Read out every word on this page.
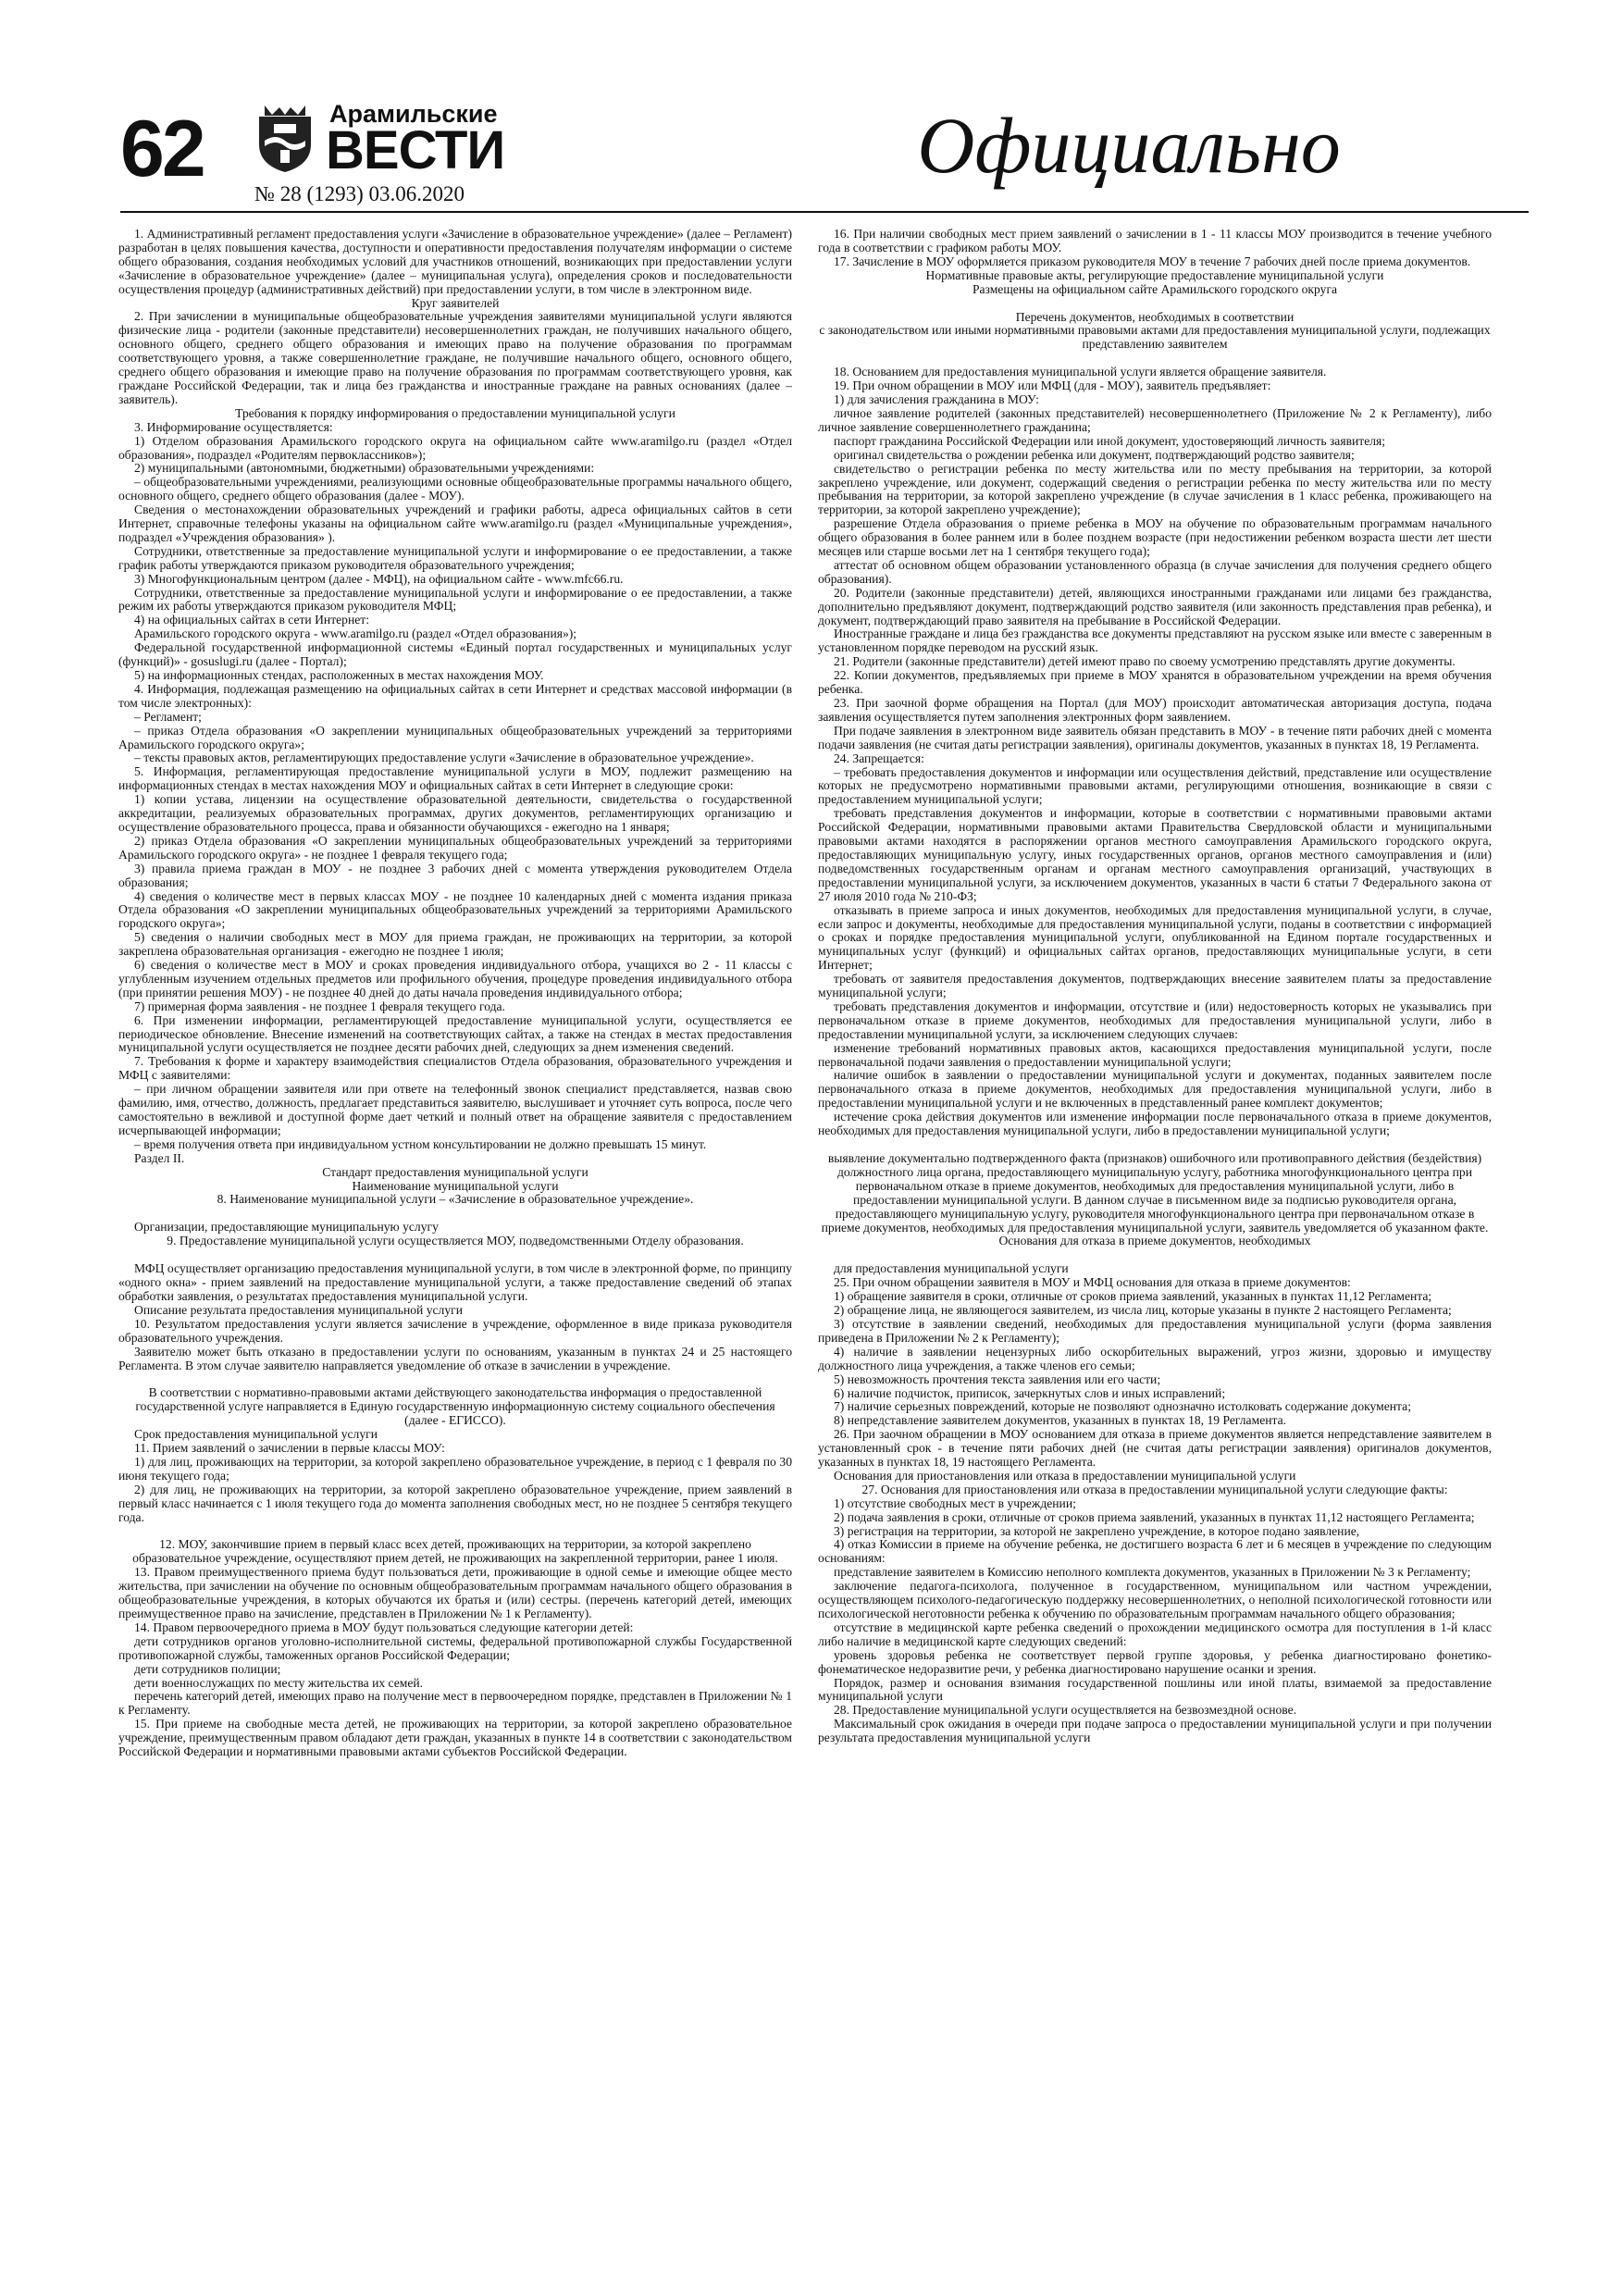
62	Арамильские
ВЕСТИ
№ 28 (1293) 03.06.2020
Официально

1. Административный регламент предоставления услуги «Зачисление в образовательное учреждение» (далее – Регламент) разработан в целях повышения качества, доступности и оперативности предоставления получателям информации о системе общего образования, создания необходимых условий для участников отношений, возникающих при предоставлении услуги «Зачисление в образовательное учреждение» (далее – муниципальная услуга), определения сроков и последовательности осуществления процедур (административных действий) при предоставлении услуги, в том числе в электронном виде.

Круг заявителей

2. При зачислении в муниципальные общеобразовательные учреждения заявителями муниципальной услуги являются физические лица - родители (законные представители) несовершеннолетних граждан, не получивших начального общего, основного общего, среднего общего образования и имеющих право на получение образования по программам соответствующего уровня, а также совершеннолетние граждане, не получившие начального общего, основного общего, среднего общего образования и имеющие право на получение образования по программам соответствующего уровня, как граждане Российской Федерации, так и лица без гражданства и иностранные граждане на равных основаниях (далее – заявитель).

Требования к порядку информирования о предоставлении муниципальной услуги

3. Информирование осуществляется:

1) Отделом образования Арамильского городского округа на официальном сайте www.aramilgo.ru (раздел «Отдел образования», подраздел «Родителям первоклассников»);

2) муниципальными (автономными, бюджетными) образовательными учреждениями:

– общеобразовательными учреждениями, реализующими основные общеобразовательные программы начального общего, основного общего, среднего общего образования (далее - МОУ).

Сведения о местонахождении образовательных учреждений и графики работы, адреса официальных сайтов в сети Интернет, справочные телефоны указаны на официальном сайте www.aramilgo.ru (раздел «Муниципальные учреждения», подраздел «Учреждения образования» ).

Сотрудники, ответственные за предоставление муниципальной услуги и информирование о ее предоставлении, а также график работы утверждаются приказом руководителя образовательного учреждения;

3) Многофункциональным центром (далее - МФЦ), на официальном сайте - www.mfc66.ru.

Сотрудники, ответственные за предоставление муниципальной услуги и информирование о ее предоставлении, а также режим их работы утверждаются приказом руководителя МФЦ;

4) на официальных сайтах в сети Интернет:

Арамильского городского округа - www.aramilgo.ru (раздел «Отдел образования»);

Федеральной государственной информационной системы «Единый портал государственных и муниципальных услуг (функций)» - gosuslugi.ru (далее - Портал);

5) на информационных стендах, расположенных в местах нахождения МОУ.

4. Информация, подлежащая размещению на официальных сайтах в сети Интернет и средствах массовой информации (в том числе электронных):

– Регламент;

– приказ Отдела образования «О закреплении муниципальных общеобразовательных учреждений за территориями Арамильского городского округа»;

– тексты правовых актов, регламентирующих предоставление услуги «Зачисление в образовательное учреждение».

5. Информация, регламентирующая предоставление муниципальной услуги в МОУ, подлежит размещению на информационных стендах в местах нахождения МОУ и официальных сайтах в сети Интернет в следующие сроки:

1) копии устава, лицензии на осуществление образовательной деятельности, свидетельства о государственной аккредитации, реализуемых образовательных программах, других документов, регламентирующих организацию и осуществление образовательного процесса, права и обязанности обучающихся - ежегодно на 1 января;

2) приказ Отдела образования «О закреплении муниципальных общеобразовательных учреждений за территориями Арамильского городского округа» - не позднее 1 февраля текущего года;

3) правила приема граждан в МОУ - не позднее 3 рабочих дней с момента утверждения руководителем Отдела образования;

4) сведения о количестве мест в первых классах МОУ - не позднее 10 календарных дней с момента издания приказа Отдела образования «О закреплении муниципальных общеобразовательных учреждений за территориями Арамильского городского округа»;

5) сведения о наличии свободных мест в МОУ для приема граждан, не проживающих на территории, за которой закреплена образовательная организация - ежегодно не позднее 1 июля;

6) сведения о количестве мест в МОУ и сроках проведения индивидуального отбора, учащихся во 2 - 11 классы с углубленным изучением отдельных предметов или профильного обучения, процедуре проведения индивидуального отбора (при принятии решения МОУ) - не позднее 40 дней до даты начала проведения индивидуального отбора;

7) примерная форма заявления - не позднее 1 февраля текущего года.

6. При изменении информации, регламентирующей предоставление муниципальной услуги, осуществляется ее периодическое обновление. Внесение изменений на соответствующих сайтах, а также на стендах в местах предоставления муниципальной услуги осуществляется не позднее десяти рабочих дней, следующих за днем изменения сведений.

7. Требования к форме и характеру взаимодействия специалистов Отдела образования, образовательного учреждения и МФЦ с заявителями:

– при личном обращении заявителя или при ответе на телефонный звонок специалист представляется, назвав свою фамилию, имя, отчество, должность, предлагает представиться заявителю, выслушивает и уточняет суть вопроса, после чего самостоятельно в вежливой и доступной форме дает четкий и полный ответ на обращение заявителя с предоставлением исчерпывающей информации;

– время получения ответа при индивидуальном устном консультировании не должно превышать 15 минут.

Раздел II.

Стандарт предоставления муниципальной услуги

Наименование муниципальной услуги

8. Наименование муниципальной услуги – «Зачисление в образовательное учреждение».

Организации, предоставляющие муниципальную услугу

9. Предоставление муниципальной услуги осуществляется МОУ, подведомственными Отделу образования.

МФЦ осуществляет организацию предоставления муниципальной услуги, в том числе в электронной форме, по принципу «одного окна» - прием заявлений на предоставление муниципальной услуги, а также предоставление сведений об этапах обработки заявления, о результатах предоставления муниципальной услуги.

Описание результата предоставления муниципальной услуги

10. Результатом предоставления услуги является зачисление в учреждение, оформленное в виде приказа руководителя образовательного учреждения.

Заявителю может быть отказано в предоставлении услуги по основаниям, указанным в пунктах 24 и 25 настоящего Регламента. В этом случае заявителю направляется уведомление об отказе в зачислении в учреждение.

В соответствии с нормативно-правовыми актами действующего законодательства информация о предоставленной государственной услуге направляется в Единую государственную информационную систему социального обеспечения (далее - ЕГИССО).

Срок предоставления муниципальной услуги

11. Прием заявлений о зачислении в первые классы МОУ:

1) для лиц, проживающих на территории, за которой закреплено образовательное учреждение, в период с 1 февраля по 30 июня текущего года;

2) для лиц, не проживающих на территории, за которой закреплено образовательное учреждение, прием заявлений в первый класс начинается с 1 июля текущего года до момента заполнения свободных мест, но не позднее 5 сентября текущего года.

12. МОУ, закончившие прием в первый класс всех детей, проживающих на территории, за которой закреплено образовательное учреждение, осуществляют прием детей, не проживающих на закрепленной территории, ранее 1 июля.

13. Правом преимущественного приема будут пользоваться дети, проживающие в одной семье и имеющие общее место жительства, при зачислении на обучение по основным общеобразовательным программам начального общего образования в общеобразовательные учреждения, в которых обучаются их братья и (или) сестры. (перечень категорий детей, имеющих преимущественное право на зачисление, представлен в Приложении № 1 к Регламенту).

14. Правом первоочередного приема в МОУ будут пользоваться следующие категории детей:

дети сотрудников органов уголовно-исполнительной системы, федеральной противопожарной службы Государственной противопожарной службы, таможенных органов Российской Федерации;

дети сотрудников полиции;

дети военнослужащих по месту жительства их семей.

перечень категорий детей, имеющих право на получение мест в первоочередном порядке, представлен в Приложении № 1 к Регламенту.

15. При приеме на свободные места детей, не проживающих на территории, за которой закреплено образовательное учреждение, преимущественным правом обладают дети граждан, указанных в пункте 14 в соответствии с законодательством Российской Федерации и нормативными правовыми актами субъектов Российской Федерации.

16. При наличии свободных мест прием заявлений о зачислении в 1 - 11 классы МОУ производится в течение учебного года в соответствии с графиком работы МОУ.

17. Зачисление в МОУ оформляется приказом руководителя МОУ в течение 7 рабочих дней после приема документов.

Нормативные правовые акты, регулирующие предоставление муниципальной услуги

Размещены на официальном сайте Арамильского городского округа

Перечень документов, необходимых в соответствии

с законодательством или иными нормативными правовыми актами для предоставления муниципальной услуги, подлежащих представлению заявителем

18. Основанием для предоставления муниципальной услуги является обращение заявителя.

19. При очном обращении в МОУ или МФЦ (для - МОУ), заявитель предъявляет:

1) для зачисления гражданина в МОУ:

личное заявление родителей (законных представителей) несовершеннолетнего (Приложение № 2 к Регламенту), либо личное заявление совершеннолетнего гражданина;

паспорт гражданина Российской Федерации или иной документ, удостоверяющий личность заявителя;

оригинал свидетельства о рождении ребенка или документ, подтверждающий родство заявителя;

свидетельство о регистрации ребенка по месту жительства или по месту пребывания на территории, за которой закреплено учреждение, или документ, содержащий сведения о регистрации ребенка по месту жительства или по месту пребывания на территории, за которой закреплено учреждение (в случае зачисления в 1 класс ребенка, проживающего на территории, за которой закреплено учреждение);

разрешение Отдела образования о приеме ребенка в МОУ на обучение по образовательным программам начального общего образования в более раннем или в более позднем возрасте (при недостижении ребенком возраста шести лет шести месяцев или старше восьми лет на 1 сентября текущего года);

аттестат об основном общем образовании установленного образца (в случае зачисления для получения среднего общего образования).

20. Родители (законные представители) детей, являющихся иностранными гражданами или лицами без гражданства, дополнительно предъявляют документ, подтверждающий родство заявителя (или законность представления прав ребенка), и документ, подтверждающий право заявителя на пребывание в Российской Федерации.

Иностранные граждане и лица без гражданства все документы представляют на русском языке или вместе с заверенным в установленном порядке переводом на русский язык.

21. Родители (законные представители) детей имеют право по своему усмотрению представлять другие документы.

22. Копии документов, предъявляемых при приеме в МОУ хранятся в образовательном учреждении на время обучения ребенка.

23. При заочной форме обращения на Портал (для МОУ) происходит автоматическая авторизация доступа, подача заявления осуществляется путем заполнения электронных форм заявлением.

При подаче заявления в электронном виде заявитель обязан представить в МОУ - в течение пяти рабочих дней с момента подачи заявления (не считая даты регистрации заявления), оригиналы документов, указанных в пунктах 18, 19 Регламента.

24. Запрещается:

– требовать предоставления документов и информации или осуществления действий, представление или осуществление которых не предусмотрено нормативными правовыми актами, регулирующими отношения, возникающие в связи с предоставлением муниципальной услуги;

требовать представления документов и информации, которые в соответствии с нормативными правовыми актами Российской Федерации, нормативными правовыми актами Правительства Свердловской области и муниципальными правовыми актами находятся в распоряжении органов местного самоуправления Арамильского городского округа, предоставляющих муниципальную услугу, иных государственных органов, органов местного самоуправления и (или) подведомственных государственным органам и органам местного самоуправления организаций, участвующих в предоставлении муниципальной услуги, за исключением документов, указанных в части 6 статьи 7 Федерального закона от 27 июля 2010 года № 210-ФЗ;

отказывать в приеме запроса и иных документов, необходимых для предоставления муниципальной услуги, в случае, если запрос и документы, необходимые для предоставления муниципальной услуги, поданы в соответствии с информацией о сроках и порядке предоставления муниципальной услуги, опубликованной на Едином портале государственных и муниципальных услуг (функций) и официальных сайтах органов, предоставляющих муниципальные услуги, в сети Интернет;

требовать от заявителя предоставления документов, подтверждающих внесение заявителем платы за предоставление муниципальной услуги;

требовать представления документов и информации, отсутствие и (или) недостоверность которых не указывались при первоначальном отказе в приеме документов, необходимых для предоставления муниципальной услуги, либо в предоставлении муниципальной услуги, за исключением следующих случаев:

изменение требований нормативных правовых актов, касающихся предоставления муниципальной услуги, после первоначальной подачи заявления о предоставлении муниципальной услуги;

наличие ошибок в заявлении о предоставлении муниципальной услуги и документах, поданных заявителем после первоначального отказа в приеме документов, необходимых для предоставления муниципальной услуги, либо в предоставлении муниципальной услуги и не включенных в представленный ранее комплект документов;

истечение срока действия документов или изменение информации после первоначального отказа в приеме документов, необходимых для предоставления муниципальной услуги, либо в предоставлении муниципальной услуги;

выявление документально подтвержденного факта (признаков) ошибочного или противоправного действия (бездействия) должностного лица органа, предоставляющего муниципальную услугу, работника многофункционального центра при первоначальном отказе в приеме документов, необходимых для предоставления муниципальной услуги, либо в предоставлении муниципальной услуги. В данном случае в письменном виде за подписью руководителя органа, предоставляющего муниципальную услугу, руководителя многофункционального центра при первоначальном отказе в приеме документов, необходимых для предоставления муниципальной услуги, заявитель уведомляется об указанном факте.

Основания для отказа в приеме документов, необходимых

для предоставления муниципальной услуги

25. При очном обращении заявителя в МОУ и МФЦ основания для отказа в приеме документов:

1) обращение заявителя в сроки, отличные от сроков приема заявлений, указанных в пунктах 11,12 Регламента;

2) обращение лица, не являющегося заявителем, из числа лиц, которые указаны в пункте 2 настоящего Регламента;

3) отсутствие в заявлении сведений, необходимых для предоставления муниципальной услуги (форма заявления приведена в Приложении № 2 к Регламенту);

4) наличие в заявлении нецензурных либо оскорбительных выражений, угроз жизни, здоровью и имуществу должностного лица учреждения, а также членов его семьи;

5) невозможность прочтения текста заявления или его части;

6) наличие подчисток, приписок, зачеркнутых слов и иных исправлений;

7) наличие серьезных повреждений, которые не позволяют однозначно истолковать содержание документа;

8) непредставление заявителем документов, указанных в пунктах 18, 19 Регламента.

26. При заочном обращении в МОУ основанием для отказа в приеме документов является непредставление заявителем в установленный срок - в течение пяти рабочих дней (не считая даты регистрации заявления) оригиналов документов, указанных в пунктах 18, 19 настоящего Регламента.

Основания для приостановления или отказа в предоставлении муниципальной услуги

27. Основания для приостановления или отказа в предоставлении муниципальной услуги следующие факты:

1) отсутствие свободных мест в учреждении;

2) подача заявления в сроки, отличные от сроков приема заявлений, указанных в пунктах 11,12 настоящего Регламента;

3) регистрация на территории, за которой не закреплено учреждение, в которое подано заявление,

4) отказ Комиссии в приеме на обучение ребенка, не достигшего возраста 6 лет и 6 месяцев в учреждение по следующим основаниям:

представление заявителем в Комиссию неполного комплекта документов, указанных в Приложении № 3 к Регламенту;

заключение педагога-психолога, полученное в государственном, муниципальном или частном учреждении, осуществляющем психолого-педагогическую поддержку несовершеннолетних, о неполной психологической готовности или психологической неготовности ребенка к обучению по образовательным программам начального общего образования;

отсутствие в медицинской карте ребенка сведений о прохождении медицинского осмотра для поступления в 1-й класс либо наличие в медицинской карте следующих сведений:

уровень здоровья ребенка не соответствует первой группе здоровья, у ребенка диагностировано фонетико-фонематическое недоразвитие речи, у ребенка диагностировано нарушение осанки и зрения.

Порядок, размер и основания взимания государственной пошлины или иной платы, взимаемой за предоставление муниципальной услуги

28. Предоставление муниципальной услуги осуществляется на безвозмездной основе.

Максимальный срок ожидания в очереди при подаче запроса о предоставлении муниципальной услуги и при получении результата предоставления муниципальной услуги
